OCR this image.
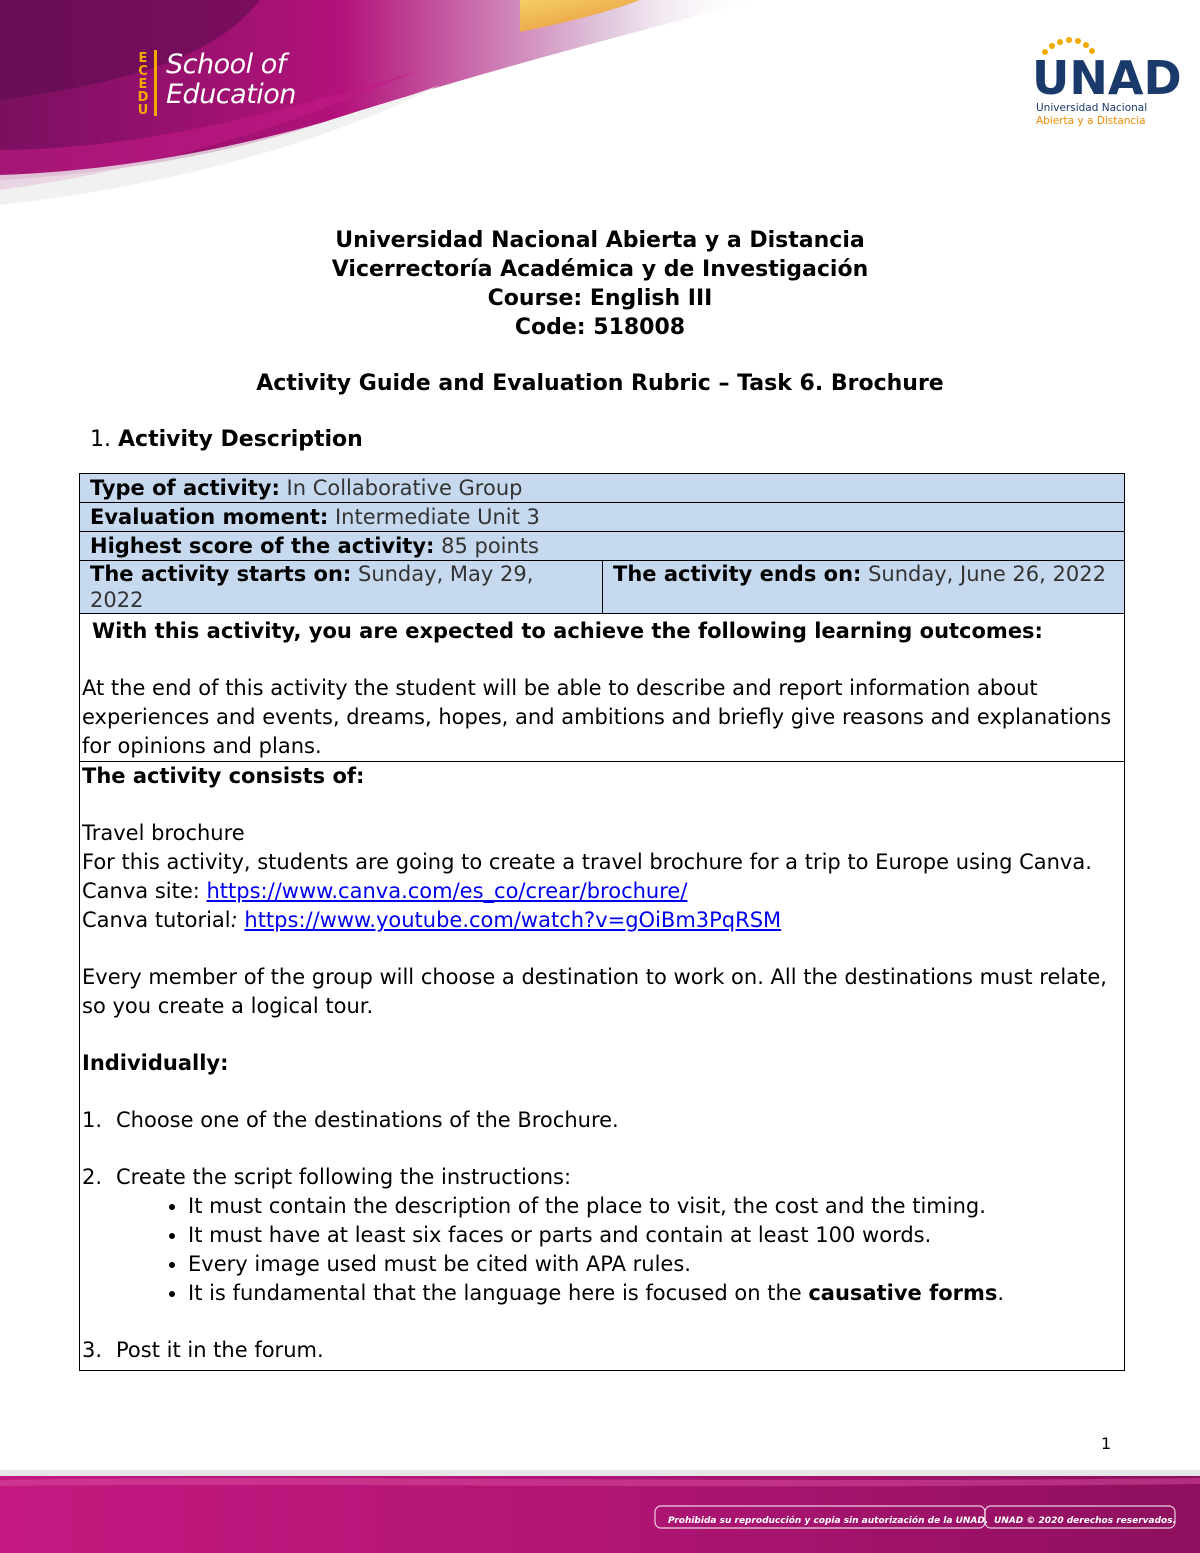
E
C
E
D
U
School of
Education	UNAD
Universidad Nacional
Abierta y a Distancia
Universidad Nacional Abierta y a Distancia
Vicerrectoría Académica y de Investigación
Course: English III
Code: 518008
Activity Guide and Evaluation Rubric – Task 6. Brochure
1. Activity Description
Type of activity: In Collaborative Group
Evaluation moment: Intermediate Unit 3
Highest score of the activity: 85 points
The activity starts on: Sunday, May 29, 2022	The activity ends on: Sunday, June 26, 2022

With this activity, you are expected to achieve the following learning outcomes:
At the end of this activity the student will be able to describe and report information about experiences and events, dreams, hopes, and ambitions and briefly give reasons and explanations for opinions and plans.

The activity consists of:
Travel brochure
For this activity, students are going to create a travel brochure for a trip to Europe using Canva.
Canva site: https://www.canva.com/es_co/crear/brochure/
Canva tutorial: https://www.youtube.com/watch?v=gOiBm3PqRSM
Every member of the group will choose a destination to work on. All the destinations must relate, so you create a logical tour.
Individually:
1. Choose one of the destinations of the Brochure.
2. Create the script following the instructions:
• It must contain the description of the place to visit, the cost and the timing.
• It must have at least six faces or parts and contain at least 100 words.
• Every image used must be cited with APA rules.
• It is fundamental that the language here is focused on the causative forms.
3. Post it in the forum.
1
Prohibida su reproducción y copia sin autorización de la UNAD. UNAD © 2020 derechos reservados.
